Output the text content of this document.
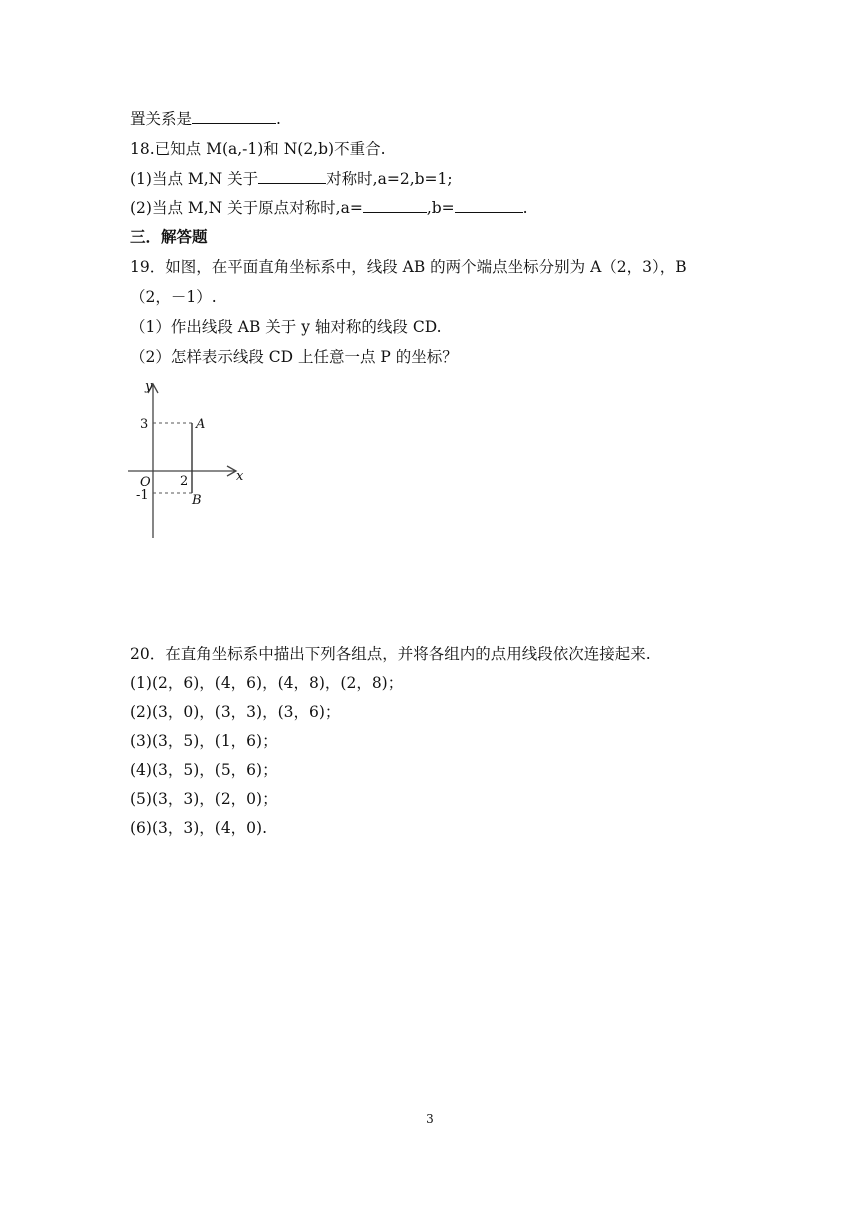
置关系是	.
18.已知点 M(a,-1)和 N(2,b)不重合.
(1)当点 M,N 关于	对称时,a=2,b=1;
(2)当点 M,N 关于原点对称时,a=	,b=	.
三．解答题
19．如图，在平面直角坐标系中，线段 AB 的两个端点坐标分别为 A（2，3），B
（2，－1）.
（1）作出线段 AB 关于 y 轴对称的线段 CD.
（2）怎样表示线段 CD 上任意一点 P 的坐标？
y
x
3
O 2
-1
A
B
20．在直角坐标系中描出下列各组点，并将各组内的点用线段依次连接起来.
(1)(2，6)，(4，6)，(4，8)，(2，8)；
(2)(3，0)，(3，3)，(3，6)；
(3)(3，5)，(1，6)；
(4)(3，5)，(5，6)；
(5)(3，3)，(2，0)；
(6)(3，3)，(4，0).
3
